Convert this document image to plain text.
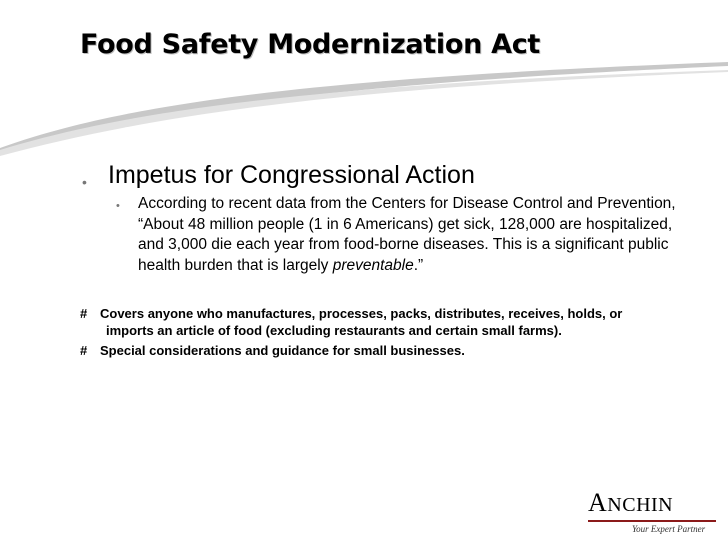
Food Safety Modernization Act
• Impetus for Congressional Action
• According to recent data from the Centers for Disease Control and Prevention, “About 48 million people (1 in 6 Americans) get sick, 128,000 are hospitalized, and 3,000 die each year from food-borne diseases. This is a significant public health burden that is largely preventable.”
# Covers anyone who manufactures, processes, packs, distributes, receives, holds, or
imports an article of food (excluding restaurants and certain small farms).
# Special considerations and guidance for small businesses.
ANCHIN
Your Expert Partner
